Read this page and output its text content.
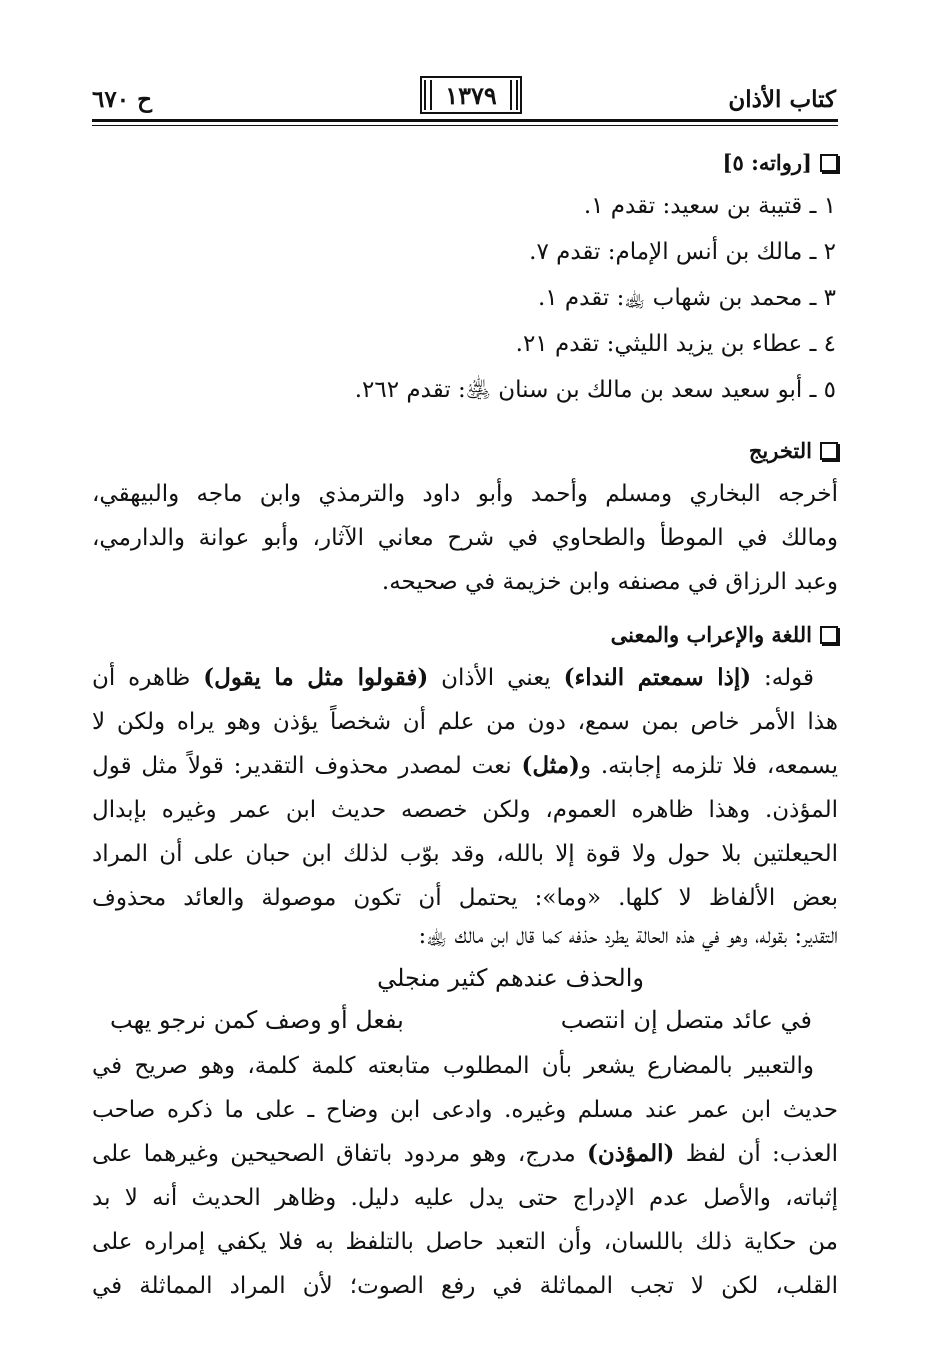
كتاب الأذان
١٣٧٩
ح ٦٧٠
[رواته: ٥]
١ ـ قتيبة بن سعيد: تقدم ١.
٢ ـ مالك بن أنس الإمام: تقدم ٧.
٣ ـ محمد بن شهاب ﵀: تقدم ١.
٤ ـ عطاء بن يزيد الليثي: تقدم ٢١.
٥ ـ أبو سعيد سعد بن مالك بن سنان ﵁: تقدم ٢٦٢.
التخريج
أخرجه البخاري ومسلم وأحمد وأبو داود والترمذي وابن ماجه والبيهقي،
ومالك في الموطأ والطحاوي في شرح معاني الآثار، وأبو عوانة والدارمي،
وعبد الرزاق في مصنفه وابن خزيمة في صحيحه.
اللغة والإعراب والمعنى
قوله: (إذا سمعتم النداء) يعني الأذان (فقولوا مثل ما يقول) ظاهره أن
هذا الأمر خاص بمن سمع، دون من علم أن شخصاً يؤذن وهو يراه ولكن لا
يسمعه، فلا تلزمه إجابته. و(مثل) نعت لمصدر محذوف التقدير: قولاً مثل قول
المؤذن. وهذا ظاهره العموم، ولكن خصصه حديث ابن عمر وغيره بإبدال
الحيعلتين بلا حول ولا قوة إلا بالله، وقد بوّب لذلك ابن حبان على أن المراد
بعض الألفاظ لا كلها. «وما»: يحتمل أن تكون موصولة والعائد محذوف
التقدير: بقوله، وهو في هذه الحالة يطرد حذفه كما قال ابن مالك ﵀:
والحذف عندهم كثير منجلي
في عائد متصل إن انتصب
بفعل أو وصف كمن نرجو يهب
والتعبير بالمضارع يشعر بأن المطلوب متابعته كلمة كلمة، وهو صريح في
حديث ابن عمر عند مسلم وغيره. وادعى ابن وضاح ـ على ما ذكره صاحب
العذب: أن لفظ (المؤذن) مدرج، وهو مردود باتفاق الصحيحين وغيرهما على
إثباته، والأصل عدم الإدراج حتى يدل عليه دليل. وظاهر الحديث أنه لا بد
من حكاية ذلك باللسان، وأن التعبد حاصل بالتلفظ به فلا يكفي إمراره على
القلب، لكن لا تجب المماثلة في رفع الصوت؛ لأن المراد المماثلة في
